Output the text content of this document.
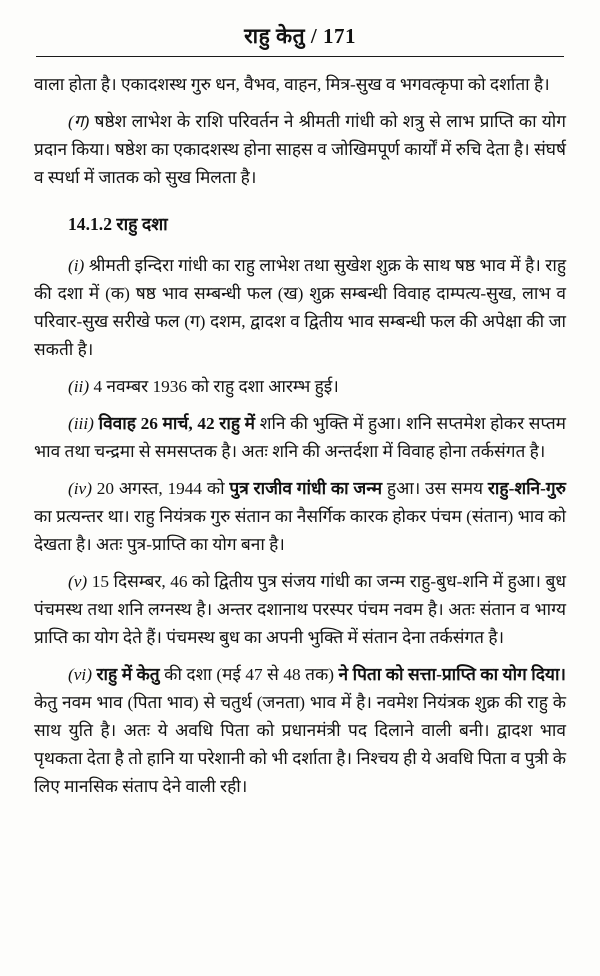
राहु केतु / 171

वाला होता है। एकादशस्थ गुरु धन, वैभव, वाहन, मित्र-सुख व भगवत्कृपा को दर्शाता है।

(ग) षष्ठेश लाभेश के राशि परिवर्तन ने श्रीमती गांधी को शत्रु से लाभ प्राप्ति का योग प्रदान किया। षष्ठेश का एकादशस्थ होना साहस व जोखिमपूर्ण कार्यों में रुचि देता है। संघर्ष व स्पर्धा में जातक को सुख मिलता है।

14.1.2 राहु दशा

(i) श्रीमती इन्दिरा गांधी का राहु लाभेश तथा सुखेश शुक्र के साथ षष्ठ भाव में है। राहु की दशा में (क) षष्ठ भाव सम्बन्धी फल (ख) शुक्र सम्बन्धी विवाह दाम्पत्य-सुख, लाभ व परिवार-सुख सरीखे फल (ग) दशम, द्वादश व द्वितीय भाव सम्बन्धी फल की अपेक्षा की जा सकती है।

(ii) 4 नवम्बर 1936 को राहु दशा आरम्भ हुई।

(iii) विवाह 26 मार्च, 42 राहु में शनि की भुक्ति में हुआ। शनि सप्तमेश होकर सप्तम भाव तथा चन्द्रमा से समसप्तक है। अतः शनि की अन्तर्दशा में विवाह होना तर्कसंगत है।

(iv) 20 अगस्त, 1944 को पुत्र राजीव गांधी का जन्म हुआ। उस समय राहु-शनि-गुरु का प्रत्यन्तर था। राहु नियंत्रक गुरु संतान का नैसर्गिक कारक होकर पंचम (संतान) भाव को देखता है। अतः पुत्र-प्राप्ति का योग बना है।

(v) 15 दिसम्बर, 46 को द्वितीय पुत्र संजय गांधी का जन्म राहु-बुध-शनि में हुआ। बुध पंचमस्थ तथा शनि लग्नस्थ है। अन्तर दशानाथ परस्पर पंचम नवम है। अतः संतान व भाग्य प्राप्ति का योग देते हैं। पंचमस्थ बुध का अपनी भुक्ति में संतान देना तर्कसंगत है।

(vi) राहु में केतु की दशा (मई 47 से 48 तक) ने पिता को सत्ता-प्राप्ति का योग दिया। केतु नवम भाव (पिता भाव) से चतुर्थ (जनता) भाव में है। नवमेश नियंत्रक शुक्र की राहु के साथ युति है। अतः ये अवधि पिता को प्रधानमंत्री पद दिलाने वाली बनी। द्वादश भाव पृथकता देता है तो हानि या परेशानी को भी दर्शाता है। निश्चय ही ये अवधि पिता व पुत्री के लिए मानसिक संताप देने वाली रही।
